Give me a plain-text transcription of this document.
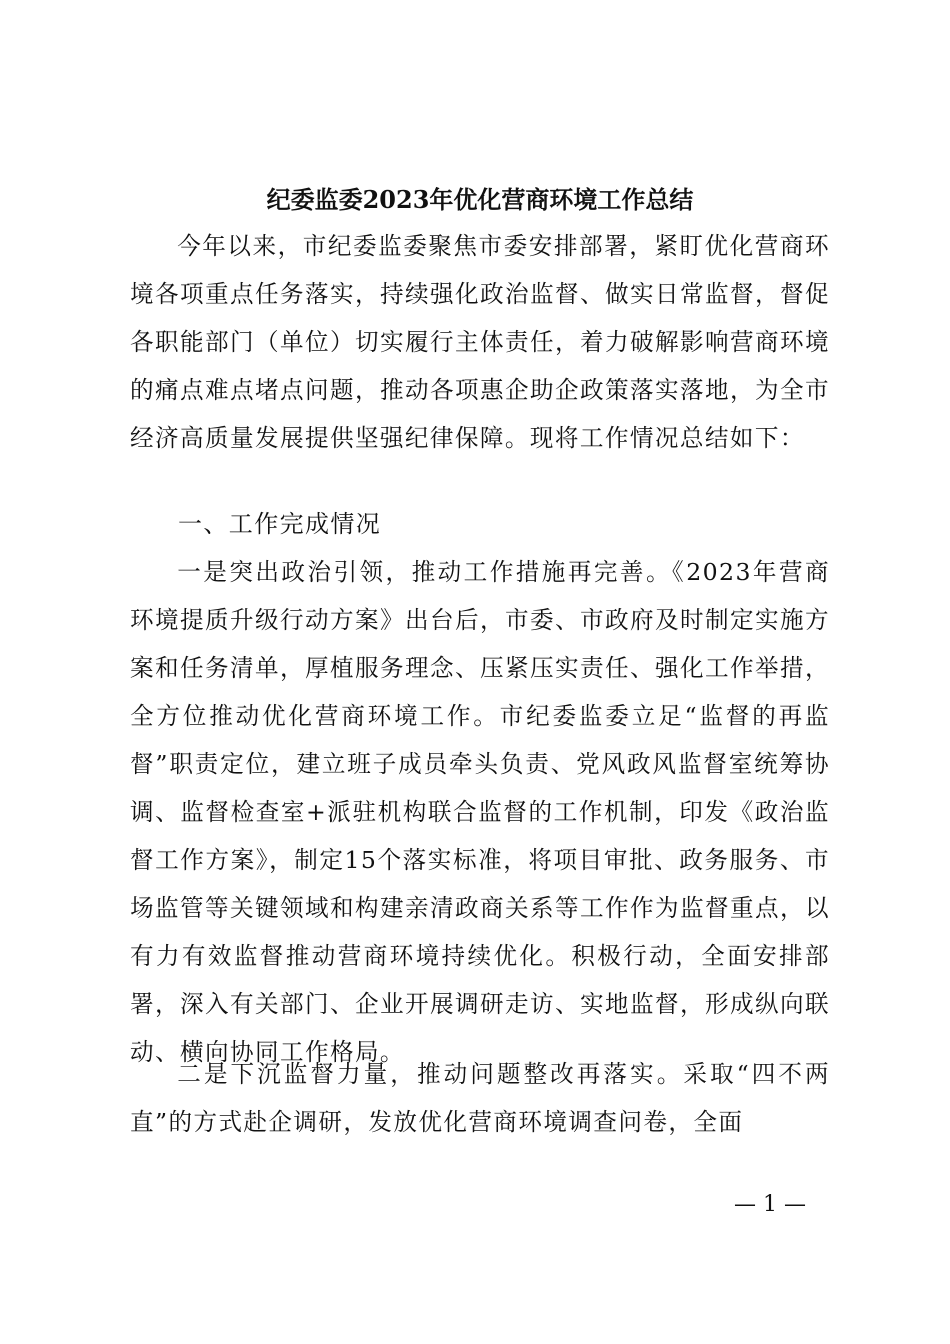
纪委监委2023年优化营商环境工作总结

今年以来，市纪委监委聚焦市委安排部署，紧盯优化营商环境各项重点任务落实，持续强化政治监督、做实日常监督，督促各职能部门（单位）切实履行主体责任，着力破解影响营商环境的痛点难点堵点问题，推动各项惠企助企政策落实落地，为全市经济高质量发展提供坚强纪律保障。现将工作情况总结如下：

一、工作完成情况

一是突出政治引领，推动工作措施再完善。《2023年营商环境提质升级行动方案》出台后，市委、市政府及时制定实施方案和任务清单，厚植服务理念、压紧压实责任、强化工作举措，全方位推动优化营商环境工作。市纪委监委立足“监督的再监督”职责定位，建立班子成员牵头负责、党风政风监督室统筹协调、监督检查室+派驻机构联合监督的工作机制，印发《政治监督工作方案》，制定15个落实标准，将项目审批、政务服务、市场监管等关键领域和构建亲清政商关系等工作作为监督重点，以有力有效监督推动营商环境持续优化。积极行动，全面安排部署，深入有关部门、企业开展调研走访、实地监督，形成纵向联动、横向协同工作格局。

二是下沉监督力量，推动问题整改再落实。采取“四不两直”的方式赴企调研，发放优化营商环境调查问卷，全面

— 1 —
